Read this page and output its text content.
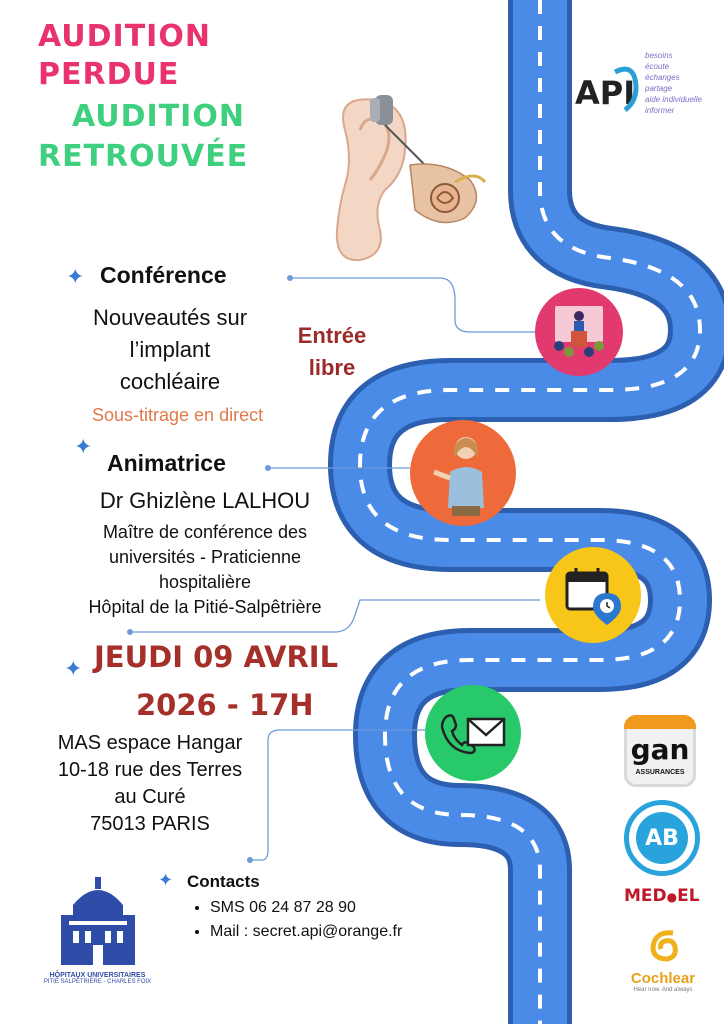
AUDITION
PERDUE
AUDITION
RETROUVÉE
API
besoins
écoute
échanges
partage
aide individuelle
informer
✦ Conférence
Nouveautés sur
l’implant
cochléaire
Sous-titrage en direct
Entrée
libre
✦
Animatrice
Dr Ghizlène LALHOU
Maître de conférence des
universités - Praticienne
hospitalière
Hôpital de la Pitié-Salpêtrière
✦ JEUDI 09 AVRIL
2026 - 17H
MAS espace Hangar
10-18 rue des Terres
au Curé
75013 PARIS
✦ Contacts
• SMS 06 24 87 28 90
• Mail : secret.api@orange.fr
gan
ASSURANCES
AB
MED●EL
Cochlear
Hear now. And always
HÔPITAUX UNIVERSITAIRES
PITIÉ SALPÊTRIÈRE - CHARLES FOIX
